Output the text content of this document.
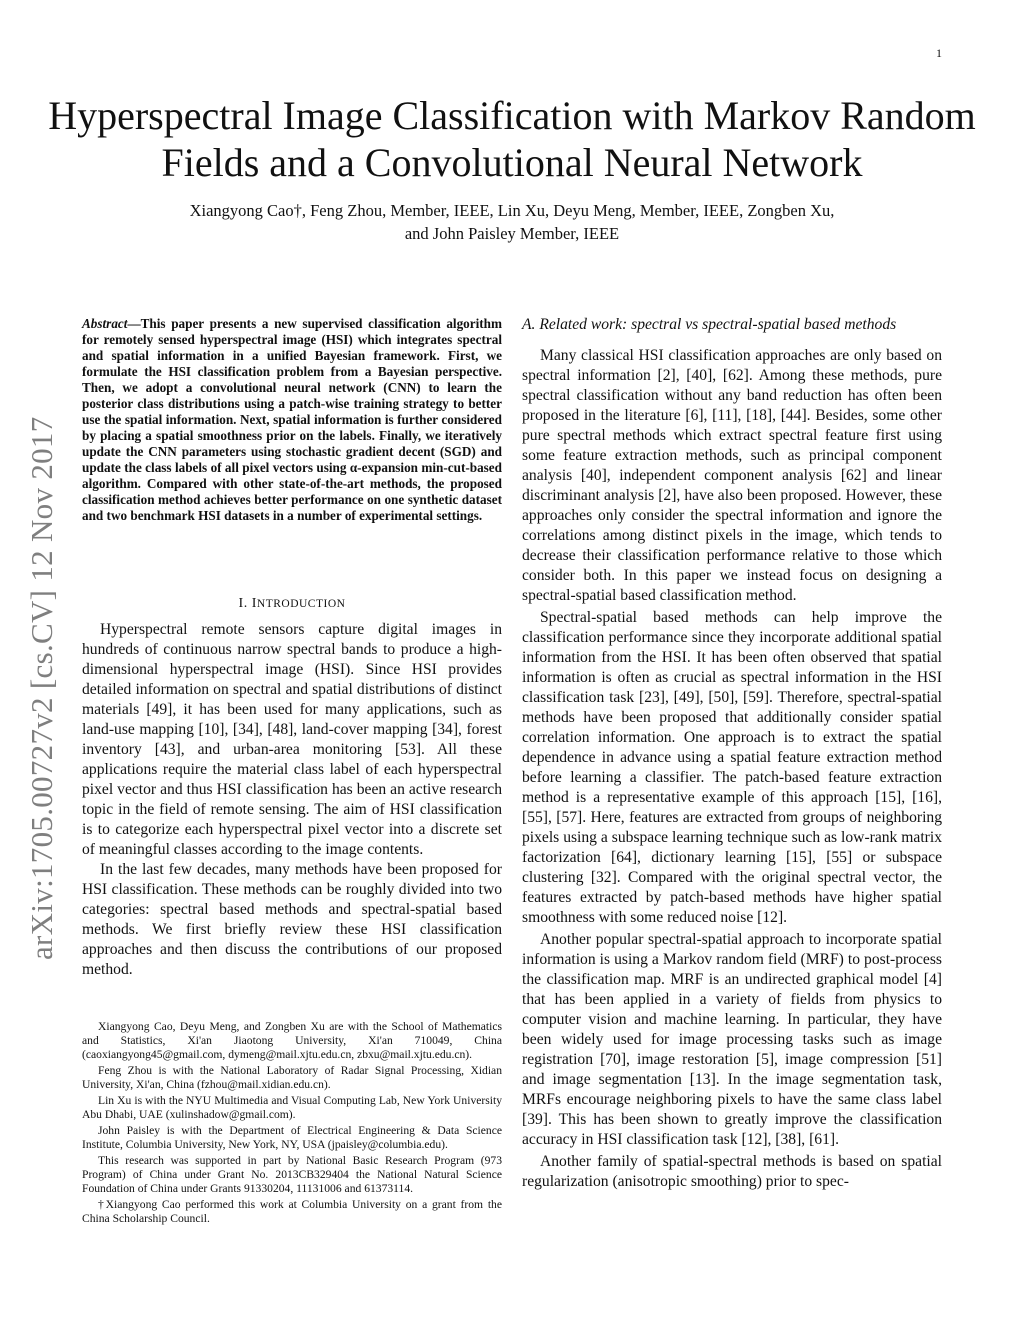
1
Hyperspectral Image Classification with Markov Random Fields and a Convolutional Neural Network
Xiangyong Cao†, Feng Zhou, Member, IEEE, Lin Xu, Deyu Meng, Member, IEEE, Zongben Xu,
and John Paisley Member, IEEE
arXiv:1705.00727v2 [cs.CV] 12 Nov 2017
Abstract—This paper presents a new supervised classification algorithm for remotely sensed hyperspectral image (HSI) which integrates spectral and spatial information in a unified Bayesian framework. First, we formulate the HSI classification problem from a Bayesian perspective. Then, we adopt a convolutional neural network (CNN) to learn the posterior class distributions using a patch-wise training strategy to better use the spatial information. Next, spatial information is further considered by placing a spatial smoothness prior on the labels. Finally, we iteratively update the CNN parameters using stochastic gradient decent (SGD) and update the class labels of all pixel vectors using α-expansion min-cut-based algorithm. Compared with other state-of-the-art methods, the proposed classification method achieves better performance on one synthetic dataset and two benchmark HSI datasets in a number of experimental settings.
I. INTRODUCTION

Hyperspectral remote sensors capture digital images in hundreds of continuous narrow spectral bands to produce a high-dimensional hyperspectral image (HSI). Since HSI provides detailed information on spectral and spatial distributions of distinct materials [49], it has been used for many applications, such as land-use mapping [10], [34], [48], land-cover mapping [34], forest inventory [43], and urban-area monitoring [53]. All these applications require the material class label of each hyperspectral pixel vector and thus HSI classification has been an active research topic in the field of remote sensing. The aim of HSI classification is to categorize each hyperspectral pixel vector into a discrete set of meaningful classes according to the image contents.

In the last few decades, many methods have been proposed for HSI classification. These methods can be roughly divided into two categories: spectral based methods and spectral-spatial based methods. We first briefly review these HSI classification approaches and then discuss the contributions of our proposed method.

Xiangyong Cao, Deyu Meng, and Zongben Xu are with the School of Mathematics and Statistics, Xi'an Jiaotong University, Xi'an 710049, China (caoxiangyong45@gmail.com, dymeng@mail.xjtu.edu.cn, zbxu@mail.xjtu.edu.cn).
Feng Zhou is with the National Laboratory of Radar Signal Processing, Xidian University, Xi'an, China (fzhou@mail.xidian.edu.cn).
Lin Xu is with the NYU Multimedia and Visual Computing Lab, New York University Abu Dhabi, UAE (xulinshadow@gmail.com).
John Paisley is with the Department of Electrical Engineering & Data Science Institute, Columbia University, New York, NY, USA (jpaisley@columbia.edu).
This research was supported in part by National Basic Research Program (973 Program) of China under Grant No. 2013CB329404 the National Natural Science Foundation of China under Grants 91330204, 11131006 and 61373114.
†Xiangyong Cao performed this work at Columbia University on a grant from the China Scholarship Council.
A. Related work: spectral vs spectral-spatial based methods

Many classical HSI classification approaches are only based on spectral information [2], [40], [62]. Among these methods, pure spectral classification without any band reduction has often been proposed in the literature [6], [11], [18], [44]. Besides, some other pure spectral methods which extract spectral feature first using some feature extraction methods, such as principal component analysis [40], independent component analysis [62] and linear discriminant analysis [2], have also been proposed. However, these approaches only consider the spectral information and ignore the correlations among distinct pixels in the image, which tends to decrease their classification performance relative to those which consider both. In this paper we instead focus on designing a spectral-spatial based classification method.

Spectral-spatial based methods can help improve the classification performance since they incorporate additional spatial information from the HSI. It has been often observed that spatial information is often as crucial as spectral information in the HSI classification task [23], [49], [50], [59]. Therefore, spectral-spatial methods have been proposed that additionally consider spatial correlation information. One approach is to extract the spatial dependence in advance using a spatial feature extraction method before learning a classifier. The patch-based feature extraction method is a representative example of this approach [15], [16], [55], [57]. Here, features are extracted from groups of neighboring pixels using a subspace learning technique such as low-rank matrix factorization [64], dictionary learning [15], [55] or subspace clustering [32]. Compared with the original spectral vector, the features extracted by patch-based methods have higher spatial smoothness with some reduced noise [12].

Another popular spectral-spatial approach to incorporate spatial information is using a Markov random field (MRF) to post-process the classification map. MRF is an undirected graphical model [4] that has been applied in a variety of fields from physics to computer vision and machine learning. In particular, they have been widely used for image processing tasks such as image registration [70], image restoration [5], image compression [51] and image segmentation [13]. In the image segmentation task, MRFs encourage neighboring pixels to have the same class label [39]. This has been shown to greatly improve the classification accuracy in HSI classification task [12], [38], [61].

Another family of spatial-spectral methods is based on spatial regularization (anisotropic smoothing) prior to spec-
